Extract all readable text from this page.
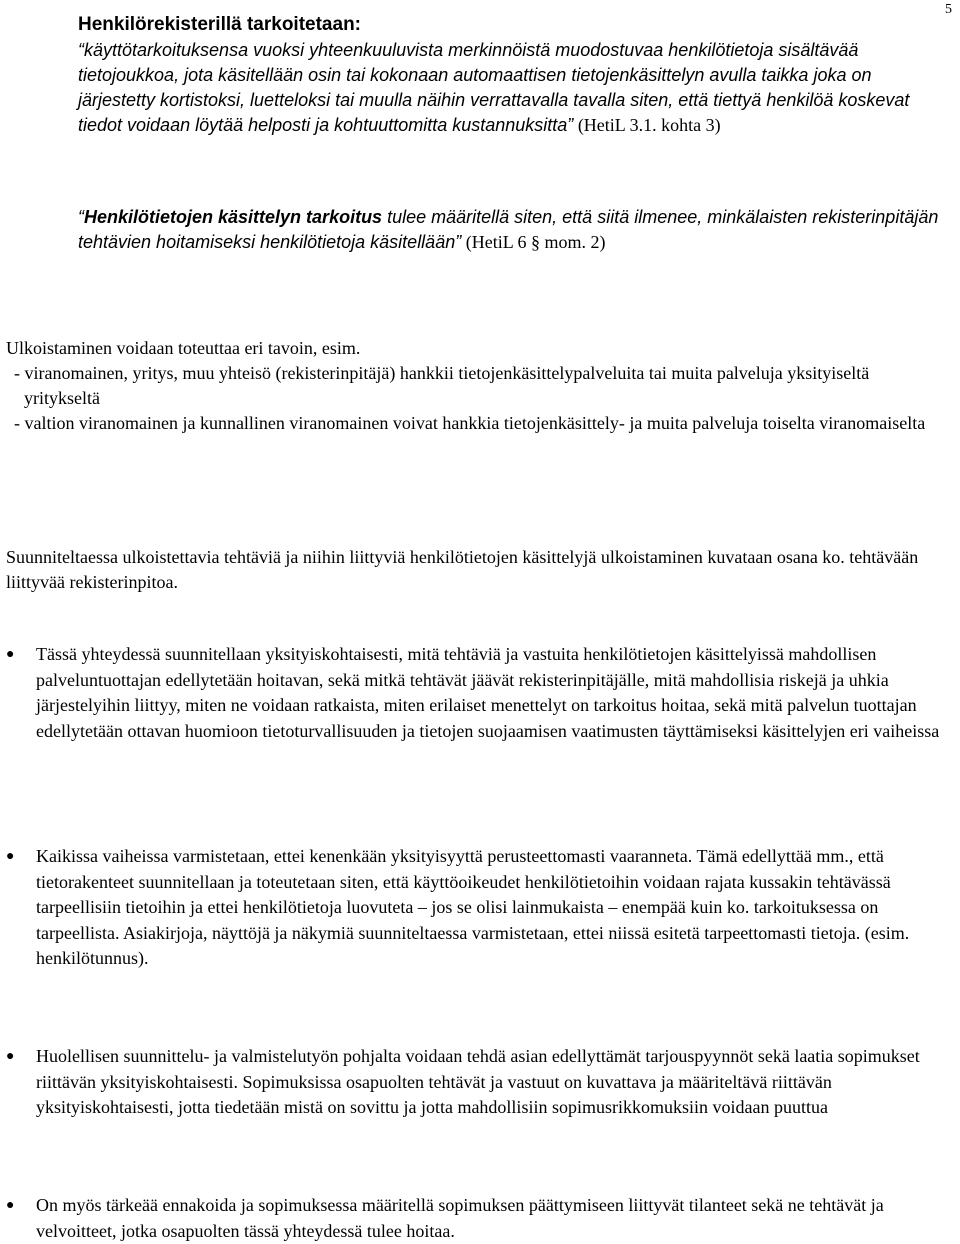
5
Henkilörekisterillä tarkoitetaan:
“käyttötarkoituksensa vuoksi yhteenkuuluvista merkinnöistä muodostuvaa henkilötietoja sisältävää tietojoukkoa, jota käsitellään osin tai kokonaan automaattisen tietojenkäsittelyn avulla taikka joka on järjestetty kortistoksi, luetteloksi tai muulla näihin verrattavalla tavalla siten, että tiettyä henkilöä koskevat tiedot voidaan löytää helposti ja kohtuuttomitta kustannuksitta” (HetiL 3.1. kohta 3)
“Henkilötietojen käsittelyn tarkoitus tulee määritellä siten, että siitä ilmenee, minkälaisten rekisterinpitäjän tehtävien hoitamiseksi henkilötietoja käsitellään” (HetiL 6 § mom. 2)

Ulkoistaminen voidaan toteuttaa eri tavoin, esim.

- viranomainen, yritys, muu yhteisö (rekisterinpitäjä) hankkii tietojenkäsittelypalveluita tai muita palveluja yksityiseltä yritykseltä

- valtion viranomainen ja kunnallinen viranomainen voivat hankkia tietojenkäsittely- ja muita palveluja toiselta viranomaiselta

Suunniteltaessa ulkoistettavia tehtäviä ja niihin liittyviä henkilötietojen käsittelyjä ulkoistaminen kuvataan osana ko. tehtävään liittyvää rekisterinpitoa.
● Tässä yhteydessä suunnitellaan yksityiskohtaisesti, mitä tehtäviä ja vastuita henkilötietojen käsittelyissä mahdollisen palveluntuottajan edellytetään hoitavan, sekä mitkä tehtävät jäävät rekisterinpitäjälle, mitä mahdollisia riskejä ja uhkia järjestelyihin liittyy, miten ne voidaan ratkaista, miten erilaiset menettelyt on tarkoitus hoitaa, sekä mitä palvelun tuottajan edellytetään ottavan huomioon tietoturvallisuuden ja tietojen suojaamisen vaatimusten täyttämiseksi käsittelyjen eri vaiheissa
● Kaikissa vaiheissa varmistetaan, ettei kenenkään yksityisyyttä perusteettomasti vaaranneta. Tämä edellyttää mm., että tietorakenteet suunnitellaan ja toteutetaan siten, että käyttöoikeudet henkilötietoihin voidaan rajata kussakin tehtävässä tarpeellisiin tietoihin ja ettei henkilötietoja luovuteta – jos se olisi lainmukaista – enempää kuin ko. tarkoituksessa on tarpeellista. Asiakirjoja, näyttöjä ja näkymiä suunniteltaessa varmistetaan, ettei niissä esitetä tarpeettomasti tietoja. (esim. henkilötunnus).
● Huolellisen suunnittelu- ja valmistelutyön pohjalta voidaan tehdä asian edellyttämät tarjouspyynnöt sekä laatia sopimukset riittävän yksityiskohtaisesti. Sopimuksissa osapuolten tehtävät ja vastuut on kuvattava ja määriteltävä riittävän yksityiskohtaisesti, jotta tiedetään mistä on sovittu ja jotta mahdollisiin sopimusrikkomuksiin voidaan puuttua
● On myös tärkeää ennakoida ja sopimuksessa määritellä sopimuksen päättymiseen liittyvät tilanteet sekä ne tehtävät ja velvoitteet, jotka osapuolten tässä yhteydessä tulee hoitaa.
